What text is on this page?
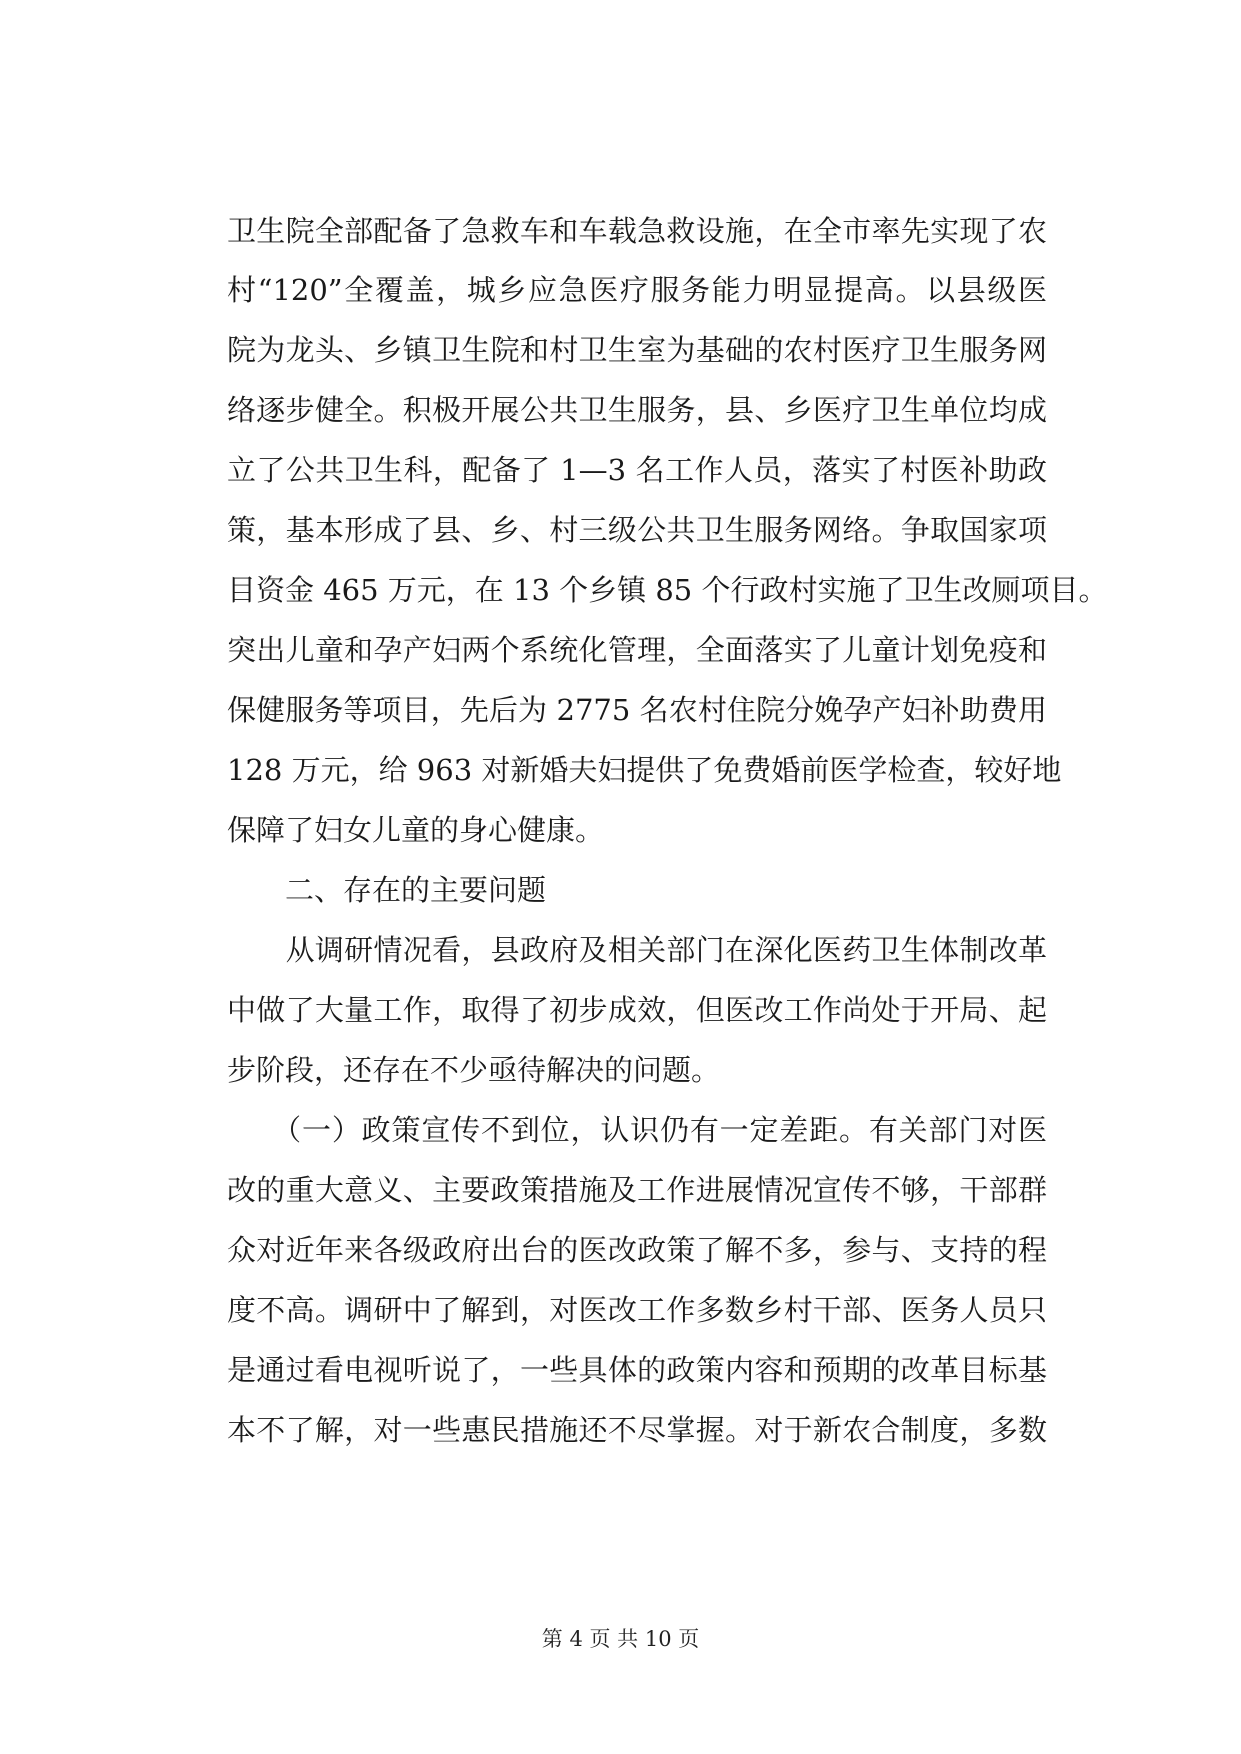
卫生院全部配备了急救车和车载急救设施，在全市率先实现了农
村“120”全覆盖，城乡应急医疗服务能力明显提高。以县级医
院为龙头、乡镇卫生院和村卫生室为基础的农村医疗卫生服务网
络逐步健全。积极开展公共卫生服务，县、乡医疗卫生单位均成
立了公共卫生科，配备了 1—3 名工作人员，落实了村医补助政
策，基本形成了县、乡、村三级公共卫生服务网络。争取国家项
目资金 465 万元，在 13 个乡镇 85 个行政村实施了卫生改厕项目。
突出儿童和孕产妇两个系统化管理，全面落实了儿童计划免疫和
保健服务等项目，先后为 2775 名农村住院分娩孕产妇补助费用
128 万元，给 963 对新婚夫妇提供了免费婚前医学检查，较好地
保障了妇女儿童的身心健康。
　　二、存在的主要问题
　　从调研情况看，县政府及相关部门在深化医药卫生体制改革
中做了大量工作，取得了初步成效，但医改工作尚处于开局、起
步阶段，还存在不少亟待解决的问题。
　　（一）政策宣传不到位，认识仍有一定差距。有关部门对医
改的重大意义、主要政策措施及工作进展情况宣传不够，干部群
众对近年来各级政府出台的医改政策了解不多，参与、支持的程
度不高。调研中了解到，对医改工作多数乡村干部、医务人员只
是通过看电视听说了，一些具体的政策内容和预期的改革目标基
本不了解，对一些惠民措施还不尽掌握。对于新农合制度，多数
第 4 页 共 10 页
